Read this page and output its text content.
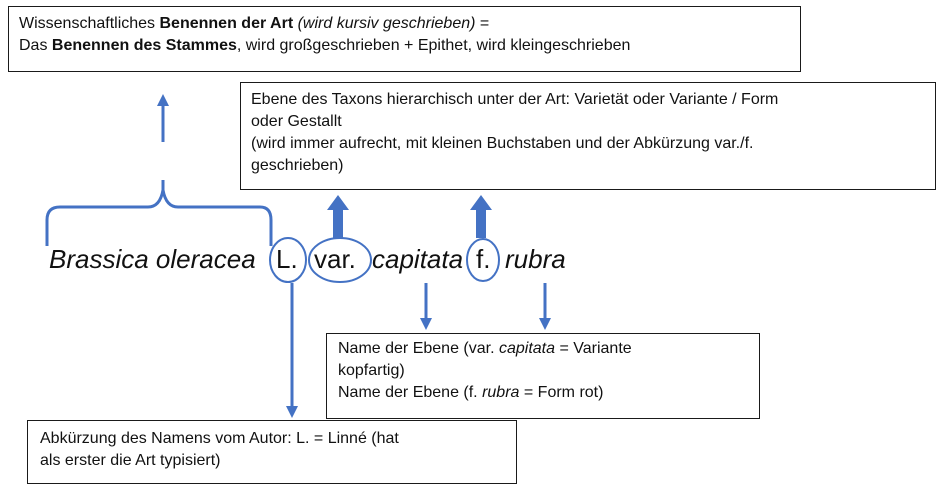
Wissenschaftliches Benennen der Art (wird kursiv geschrieben) =
Das Benennen des Stammes, wird großgeschrieben + Epithet, wird kleingeschrieben
Ebene des Taxons hierarchisch unter der Art: Varietät oder Variante / Form
oder Gestallt
(wird immer aufrecht, mit kleinen Buchstaben und der Abkürzung var./f.
geschrieben)
Name der Ebene (var. capitata = Variante
kopfartig)
Name der Ebene (f. rubra = Form rot)
Abkürzung des Namens vom Autor: L. = Linné (hat
als erster die Art typisiert)
Brassica oleracea L. var. capitata f. rubra
